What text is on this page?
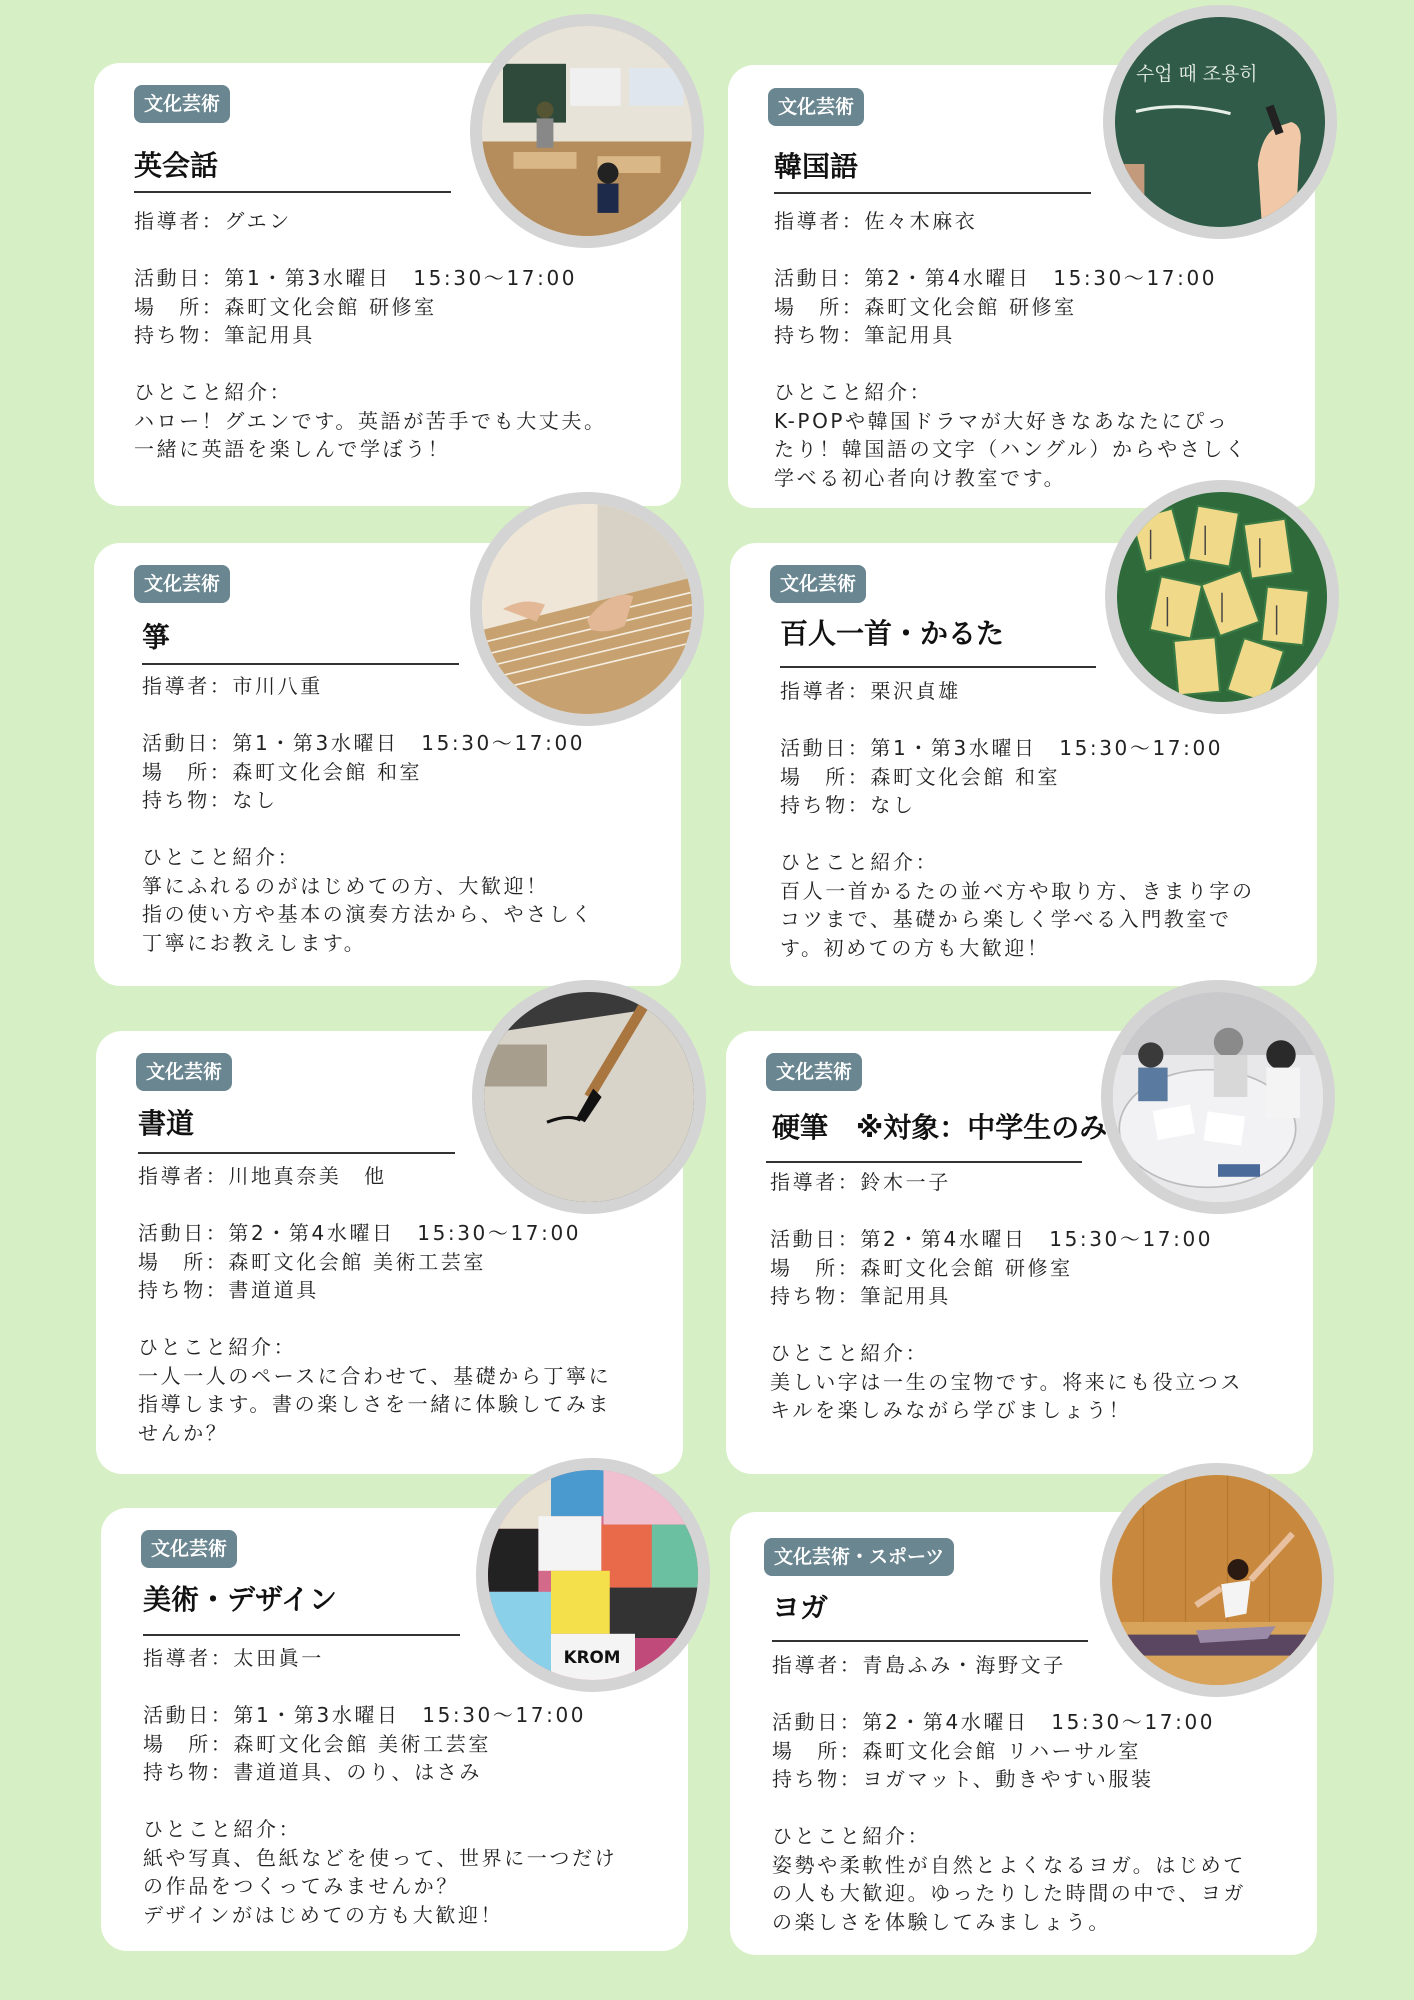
文化芸術
英会話
指導者：グエン
活動日：第1・第3水曜日　15:30～17:00
場　所：森町文化会館 研修室
持ち物：筆記用具
ひとこと紹介：
ハロー！グエンです。英語が苦手でも大丈夫。
一緒に英語を楽しんで学ぼう！
文化芸術
韓国語
指導者：佐々木麻衣
活動日：第2・第4水曜日　15:30～17:00
場　所：森町文化会館 研修室
持ち物：筆記用具
ひとこと紹介：
K-POPや韓国ドラマが大好きなあなたにぴっ
たり！韓国語の文字（ハングル）からやさしく
学べる初心者向け教室です。
수업 때 조용히
文化芸術
箏
指導者：市川八重
活動日：第1・第3水曜日　15:30～17:00
場　所：森町文化会館 和室
持ち物：なし
ひとこと紹介：
箏にふれるのがはじめての方、大歓迎！
指の使い方や基本の演奏方法から、やさしく
丁寧にお教えします。
文化芸術
百人一首・かるた
指導者：栗沢貞雄
活動日：第1・第3水曜日　15:30～17:00
場　所：森町文化会館 和室
持ち物：なし
ひとこと紹介：
百人一首かるたの並べ方や取り方、きまり字の
コツまで、基礎から楽しく学べる入門教室で
す。初めての方も大歓迎！
文化芸術
書道
指導者：川地真奈美　他
活動日：第2・第4水曜日　15:30～17:00
場　所：森町文化会館 美術工芸室
持ち物：書道道具
ひとこと紹介：
一人一人のペースに合わせて、基礎から丁寧に
指導します。書の楽しさを一緒に体験してみま
せんか？
文化芸術
硬筆　※対象：中学生のみ
指導者：鈴木一子
活動日：第2・第4水曜日　15:30～17:00
場　所：森町文化会館 研修室
持ち物：筆記用具
ひとこと紹介：
美しい字は一生の宝物です。将来にも役立つス
キルを楽しみながら学びましょう！
文化芸術
美術・デザイン
指導者：太田眞一
活動日：第1・第3水曜日　15:30～17:00
場　所：森町文化会館 美術工芸室
持ち物：書道道具、のり、はさみ
ひとこと紹介：
紙や写真、色紙などを使って、世界に一つだけ
の作品をつくってみませんか？
デザインがはじめての方も大歓迎！
KROM
文化芸術・スポーツ
ヨガ
指導者：青島ふみ・海野文子
活動日：第2・第4水曜日　15:30～17:00
場　所：森町文化会館 リハーサル室
持ち物：ヨガマット、動きやすい服装
ひとこと紹介：
姿勢や柔軟性が自然とよくなるヨガ。はじめて
の人も大歓迎。ゆったりした時間の中で、ヨガ
の楽しさを体験してみましょう。
